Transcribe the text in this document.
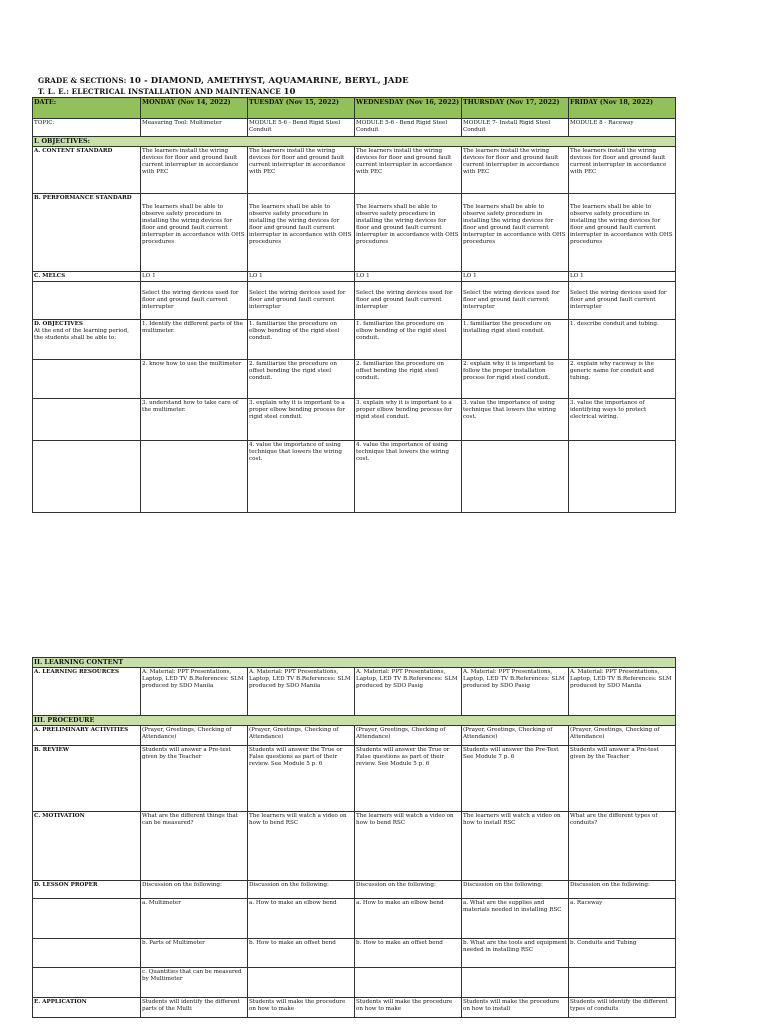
GRADE & SECTIONS: 10 - DIAMOND, AMETHYST, AQUAMARINE, BERYL, JADE
T. L. E.: ELECTRICAL INSTALLATION AND MAINTENANCE 10
DATE:	MONDAY (Nov 14, 2022)	TUESDAY (Nov 15, 2022)	WEDNESDAY (Nov 16, 2022)	THURSDAY (Nov 17, 2022)	FRIDAY (Nov 18, 2022)
TOPIC:	Measuring Tool: Multimeter	MODULE 5-6 - Bend Rigid Steel Conduit	MODULE 5-6 - Bend Rigid Steel Conduit	MODULE 7- Install Rigid Steel Conduit	MODULE 8 - Raceway
I. OBJECTIVES:					
A. CONTENT STANDARD	The learners install the wiring devices for floor and ground fault current interrupter in accordance with PEC	The learners install the wiring devices for floor and ground fault current interrupter in accordance with PEC	The learners install the wiring devices for floor and ground fault current interrupter in accordance with PEC	The learners install the wiring devices for floor and ground fault current interrupter in accordance with PEC	The learners install the wiring devices for floor and ground fault current interrupter in accordance with PEC
B. PERFORMANCE STANDARD	The learners shall be able to observe safety procedure in installing the wiring devices for floor and ground fault current interrupter in accordance with OHS procedures	The learners shall be able to observe safety procedure in installing the wiring devices for floor and ground fault current interrupter in accordance with OHS procedures	The learners shall be able to observe safety procedure in installing the wiring devices for floor and ground fault current interrupter in accordance with OHS procedures	The learners shall be able to observe safety procedure in installing the wiring devices for floor and ground fault current interrupter in accordance with OHS procedures	The learners shall be able to observe safety procedure in installing the wiring devices for floor and ground fault current interrupter in accordance with OHS procedures
C. MELCS	LO 1	LO 1	LO 1	LO 1	LO 1
	Select the wiring devices used for floor and ground fault current interrupter	Select the wiring devices used for floor and ground fault current interrupter	Select the wiring devices used for floor and ground fault current interrupter	Select the wiring devices used for floor and ground fault current interrupter	Select the wiring devices used for floor and ground fault current interrupter

D. OBJECTIVES
At the end of the learning period, the students shall be able to:	1. Identify the different parts of the multimeter.	1. familiarize the procedure on elbow bending of the rigid steel conduit.	1. familiarize the procedure on elbow bending of the rigid steel conduit.	1. familiarize the procedure on installing rigid steel conduit.	1. describe conduit and tubing.
	2. know how to use the multimeter	2. familiarize the procedure on offset bending the rigid steel conduit.	2. familiarize the procedure on offset bending the rigid steel conduit.	2. explain why it is important to follow the proper installation process for rigid steel conduit.	2. explain why raceway is the generic name for conduit and tubing.
	3. understand how to take care of the multimeter.	3. explain why it is important to a proper elbow bending process for rigid steel conduit.	3. explain why it is important to a proper elbow bending process for rigid steel conduit.	3. value the importance of using technique that lowers the wiring cost.	3. value the importance of identifying ways to protect electrical wiring.
		4. value the importance of using technique that lowers the wiring cost.	4. value the importance of using technique that lowers the wiring cost.		
II. LEARNING CONTENT					
A. LEARNING RESOURCES	A. Material: PPT Presentations, Laptop, LED TV B.References: SLM produced by SDO Manila	A. Material: PPT Presentations, Laptop, LED TV B.References: SLM produced by SDO Manila	A. Material: PPT Presentations, Laptop, LED TV B.References: SLM produced by SDO Pasig	A. Material: PPT Presentations, Laptop, LED TV B.References: SLM produced by SDO Pasig	A. Material: PPT Presentations, Laptop, LED TV B.References: SLM produced by SDO Manila
III. PROCEDURE					
A. PRELIMINARY ACTIVITIES	(Prayer, Greetings, Checking of Attendance)	(Prayer, Greetings, Checking of Attendance)	(Prayer, Greetings, Checking of Attendance)	(Prayer, Greetings, Checking of Attendance)	(Prayer, Greetings, Checking of Attendance)
B. REVIEW	Students will answer a Pre-test given by the Teacher	Students will answer the True or False questions as part of their review. See Module 5 p. 6	Students will answer the True or False questions as part of their review. See Module 5 p. 6	Students will answer the Pre-Test See Module 7 p. 6	Students will answer a Pre-test given by the Teacher
C. MOTIVATION	What are the different things that can be measured?	The learners will watch a video on how to bend RSC	The learners will watch a video on how to bend RSC	The learners will watch a video on how to install RSC	What are the different types of conduits?
D. LESSON PROPER	Discussion on the following:	Discussion on the following:	Discussion on the following:	Discussion on the following:	Discussion on the following:
	a. Multimeter	a. How to make an elbow bend	a. How to make an elbow bend	a. What are the supplies and materials needed in installing RSC	a. Raceway
	b. Parts of Multimeter	b. How to make an offset bend	b. How to make an offset bend	b. What are the tools and equipment needed in installing RSC	b. Conduits and Tubing
	c. Quantities that can be measured by Multimeter				
E. APPLICATION	Students will identify the different parts of the Multi	Students will make the procedure on how to make	Students will make the procedure on how to make	Students will make the procedure on how to install	Students will identify the different types of conduits
